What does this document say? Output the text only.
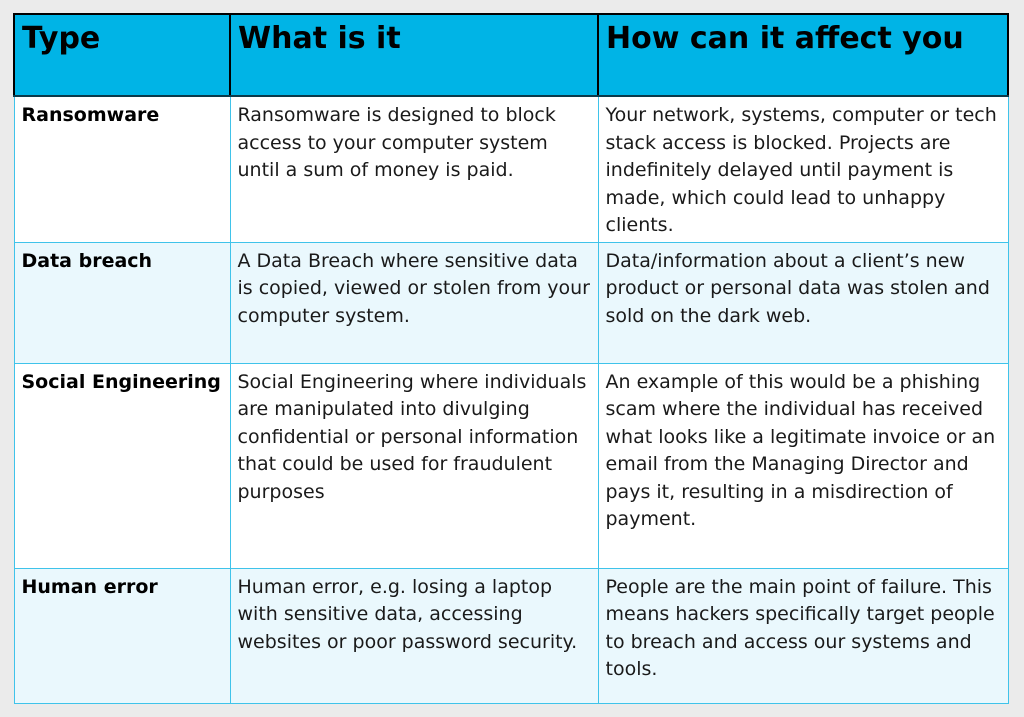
Type	What is it	How can it affect you
Ransomware	Ransomware is designed to block access to your computer system until a sum of money is paid.	Your network, systems, computer or tech stack access is blocked. Projects are indefinitely delayed until payment is made, which could lead to unhappy clients.
Data breach	A Data Breach where sensitive data is copied, viewed or stolen from your computer system.	Data/information about a client’s new product or personal data was stolen and sold on the dark web.
Social Engineering	Social Engineering where individuals are manipulated into divulging confidential or personal information that could be used for fraudulent purposes	An example of this would be a phishing scam where the individual has received what looks like a legitimate invoice or an email from the Managing Director and pays it, resulting in a misdirection of payment.
Human error	Human error, e.g. losing a laptop with sensitive data, accessing websites or poor password security.	People are the main point of failure. This means hackers specifically target people to breach and access our systems and tools.
